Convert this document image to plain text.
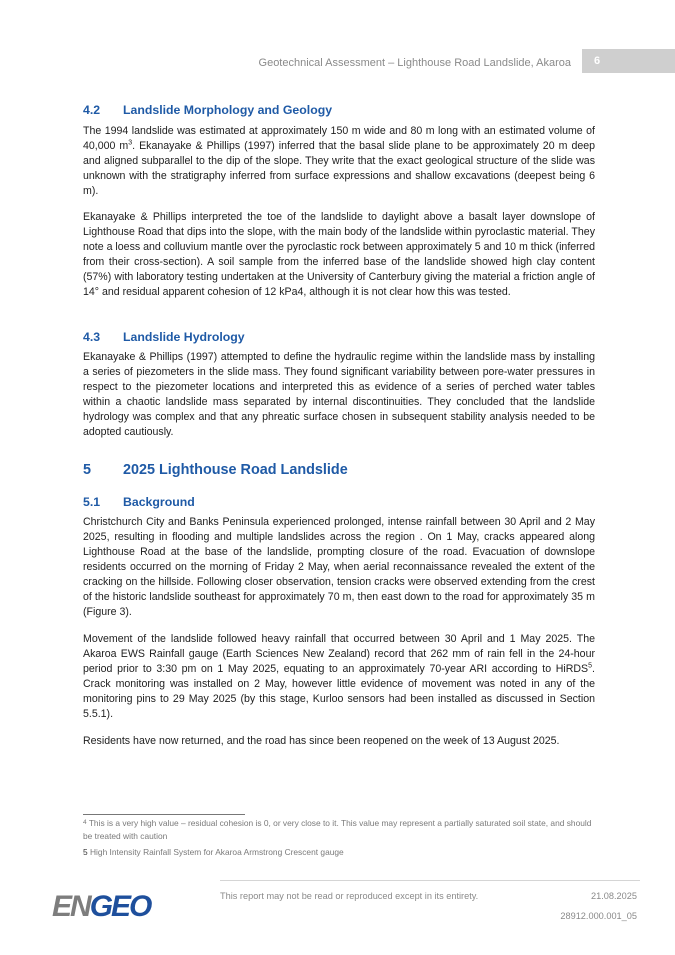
Geotechnical Assessment – Lighthouse Road Landslide, Akaroa	6
4.2 Landslide Morphology and Geology

The 1994 landslide was estimated at approximately 150 m wide and 80 m long with an estimated volume of 40,000 $m^3$. Ekanayake & Phillips (1997) inferred that the basal slide plane to be approximately 20 m deep and aligned subparallel to the dip of the slope. They write that the exact geological structure of the slide was unknown with the stratigraphy inferred from surface expressions and shallow excavations (deepest being 6 m).

Ekanayake & Phillips interpreted the toe of the landslide to daylight above a basalt layer downslope of Lighthouse Road that dips into the slope, with the main body of the landslide within pyroclastic material. They note a loess and colluvium mantle over the pyroclastic rock between approximately 5 and 10 m thick (inferred from their cross-section). A soil sample from the inferred base of the landslide showed high clay content (57%) with laboratory testing undertaken at the University of Canterbury giving the material a friction angle of 14° and residual apparent cohesion of 12 kPa4, although it is not clear how this was tested.

4.3 Landslide Hydrology

Ekanayake & Phillips (1997) attempted to define the hydraulic regime within the landslide mass by installing a series of piezometers in the slide mass. They found significant variability between pore-water pressures in respect to the piezometer locations and interpreted this as evidence of a series of perched water tables within a chaotic landslide mass separated by internal discontinuities. They concluded that the landslide hydrology was complex and that any phreatic surface chosen in subsequent stability analysis needed to be adopted cautiously.

5 2025 Lighthouse Road Landslide
5.1 Background

Christchurch City and Banks Peninsula experienced prolonged, intense rainfall between 30 April and 2 May 2025, resulting in flooding and multiple landslides across the region . On 1 May, cracks appeared along Lighthouse Road at the base of the landslide, prompting closure of the road. Evacuation of downslope residents occurred on the morning of Friday 2 May, when aerial reconnaissance revealed the extent of the cracking on the hillside. Following closer observation, tension cracks were observed extending from the crest of the historic landslide southeast for approximately 70 m, then east down to the road for approximately 35 m (Figure 3).

Movement of the landslide followed heavy rainfall that occurred between 30 April and 1 May 2025. The Akaroa EWS Rainfall gauge (Earth Sciences New Zealand) record that 262 mm of rain fell in the 24-hour period prior to 3:30 pm on 1 May 2025, equating to an approximately 70-year ARI according to HiRDS$^5$. Crack monitoring was installed on 2 May, however little evidence of movement was noted in any of the monitoring pins to 29 May 2025 (by this stage, Kurloo sensors had been installed as discussed in Section 5.5.1).

Residents have now returned, and the road has since been reopened on the week of 13 August 2025.

$^4$ This is a very high value – residual cohesion is 0, or very close to it. This value may represent a partially saturated soil state, and should be treated with caution

5 High Intensity Rainfall System for Akaroa Armstrong Crescent gauge

ENGEO	This report may not be read or reproduced except in its entirety.	21.08.2025
28912.000.001_05
